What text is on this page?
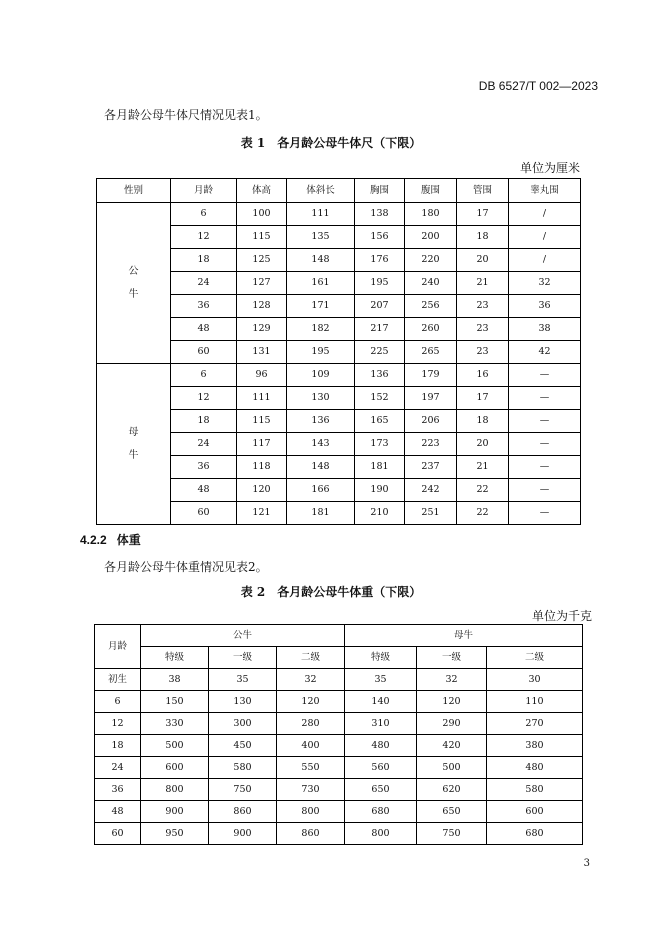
DB 6527/T 002—2023
各月龄公母牛体尺情况见表1。
表 1　各月龄公母牛体尺（下限）
单位为厘米
性别	月龄	体高	体斜长	胸围	腹围	管围	睾丸围
公
牛	6	100	111	138	180	17	/
	12	115	135	156	200	18	/
	18	125	148	176	220	20	/
	24	127	161	195	240	21	32
	36	128	171	207	256	23	36
	48	129	182	217	260	23	38
	60	131	195	225	265	23	42
母
牛	6	96	109	136	179	16	—
	12	111	130	152	197	17	—
	18	115	136	165	206	18	—
	24	117	143	173	223	20	—
	36	118	148	181	237	21	—
	48	120	166	190	242	22	—
	60	121	181	210	251	22	—
4.2.2 体重
各月龄公母牛体重情况见表2。
表 2　各月龄公母牛体重（下限）
单位为千克
月龄	公牛			母牛		
	特级	一级	二级	特级	一级	二级
初生	38	35	32	35	32	30
6	150	130	120	140	120	110
12	330	300	280	310	290	270
18	500	450	400	480	420	380
24	600	580	550	560	500	480
36	800	750	730	650	620	580
48	900	860	800	680	650	600
60	950	900	860	800	750	680
3
